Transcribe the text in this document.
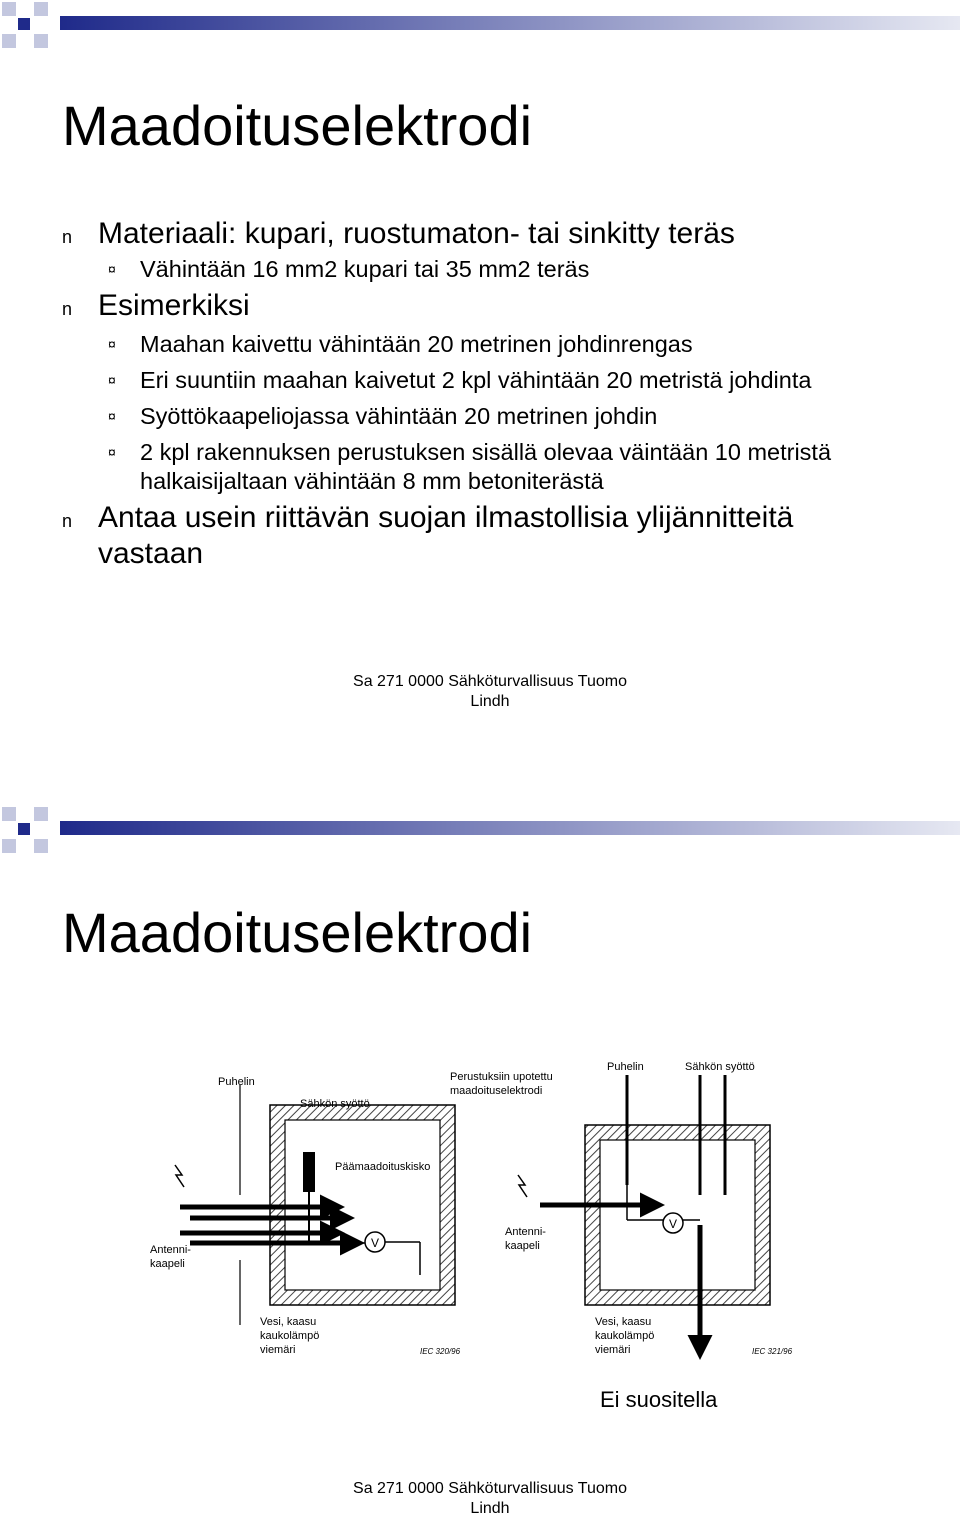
Maadoituselektrodi
n Materiaali: kupari, ruostumaton- tai sinkitty teräs
¤ Vähintään 16 mm2 kupari tai 35 mm2 teräs
n Esimerkiksi
¤ Maahan kaivettu vähintään 20 metrinen johdinrengas
¤ Eri suuntiin maahan kaivetut 2 kpl vähintään 20 metristä johdinta
¤ Syöttökaapeliojassa vähintään 20 metrinen johdin
¤ 2 kpl rakennuksen perustuksen sisällä olevaa väintään 10 metristä halkaisijaltaan vähintään 8 mm betoniterästä
n Antaa usein riittävän suojan ilmastollisia ylijännitteitä vastaan
Sa 271 0000 Sähköturvallisuus Tuomo
Lindh
Maadoituselektrodi
V
Puhelin
Sähkön syöttö
Päämaadoituskisko
Antenni-
kaapeli
Vesi, kaasu
kaukolämpö
viemäri	IEC 320/96
V
Perustuksiin upotettu
maadoituselektrodi
Puhelin	Sähkön syöttö
Antenni-
kaapeli
Vesi, kaasu
kaukolämpö
viemäri	IEC 321/96
Ei suositella
Sa 271 0000 Sähköturvallisuus Tuomo
Lindh
